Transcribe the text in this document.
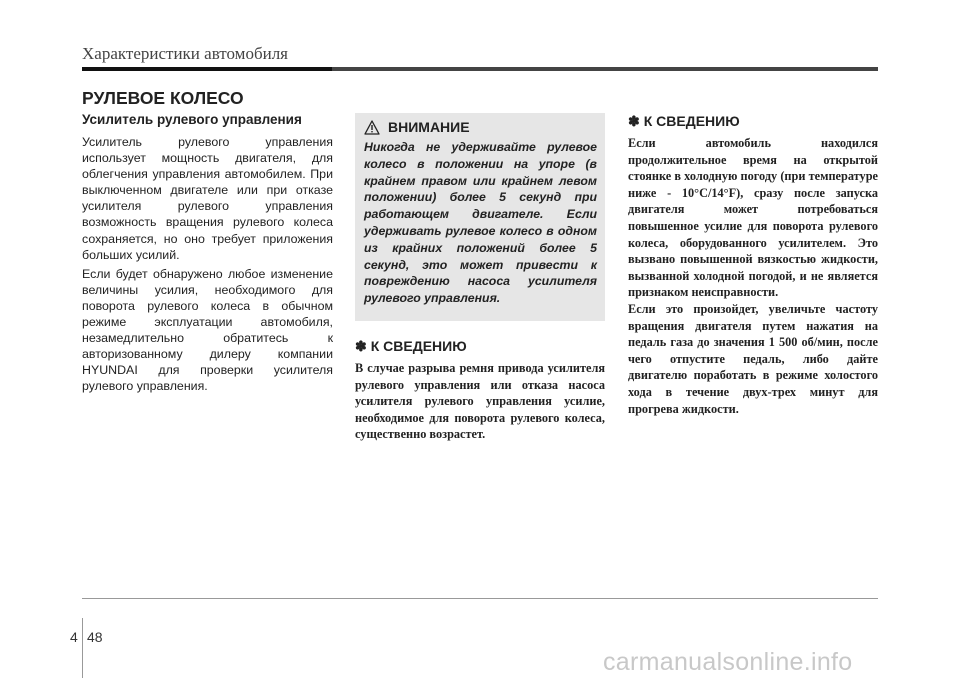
Характеристики автомобиля
РУЛЕВОЕ КОЛЕСО

Усилитель рулевого управления

Усилитель рулевого управления использует мощность двигателя, для облегчения управления автомобилем. При выключенном двигателе или при отказе усилителя рулевого управления возможность вращения рулевого колеса сохраняется, но оно требует приложения больших усилий.

Если будет обнаружено любое изменение величины усилия, необходимого для поворота рулевого колеса в обычном режиме эксплуатации автомобиля, незамедлительно обратитесь к авторизованному дилеру компании HYUNDAI для проверки усилителя рулевого управления.

ВНИМАНИЕ
Никогда не удерживайте рулевое колесо в положении на упоре (в крайнем правом или крайнем левом положении) более 5 секунд при работающем двигателе. Если удерживать рулевое колесо в одном из крайних положений более 5 секунд, это может привести к повреждению насоса усилителя рулевого управления.
✽ К СВЕДЕНИЮ

В случае разрыва ремня привода усилителя рулевого управления или отказа насоса усилителя рулевого управления усилие, необходимое для поворота рулевого колеса, существенно возрастет.

✽ К СВЕДЕНИЮ

Если автомобиль находился продолжительное время на открытой стоянке в холодную погоду (при температуре ниже - 10°C/14°F), сразу после запуска двигателя может потребоваться повышенное усилие для поворота рулевого колеса, оборудованного усилителем. Это вызвано повышенной вязкостью жидкости, вызванной холодной погодой, и не является признаком неисправности.

Если это произойдет, увеличьте частоту вращения двигателя путем нажатия на педаль газа до значения 1 500 об/мин, после чего отпустите педаль, либо дайте двигателю поработать в режиме холостого хода в течение двух-трех минут для прогрева жидкости.

4 48
carmanualsonline.info
